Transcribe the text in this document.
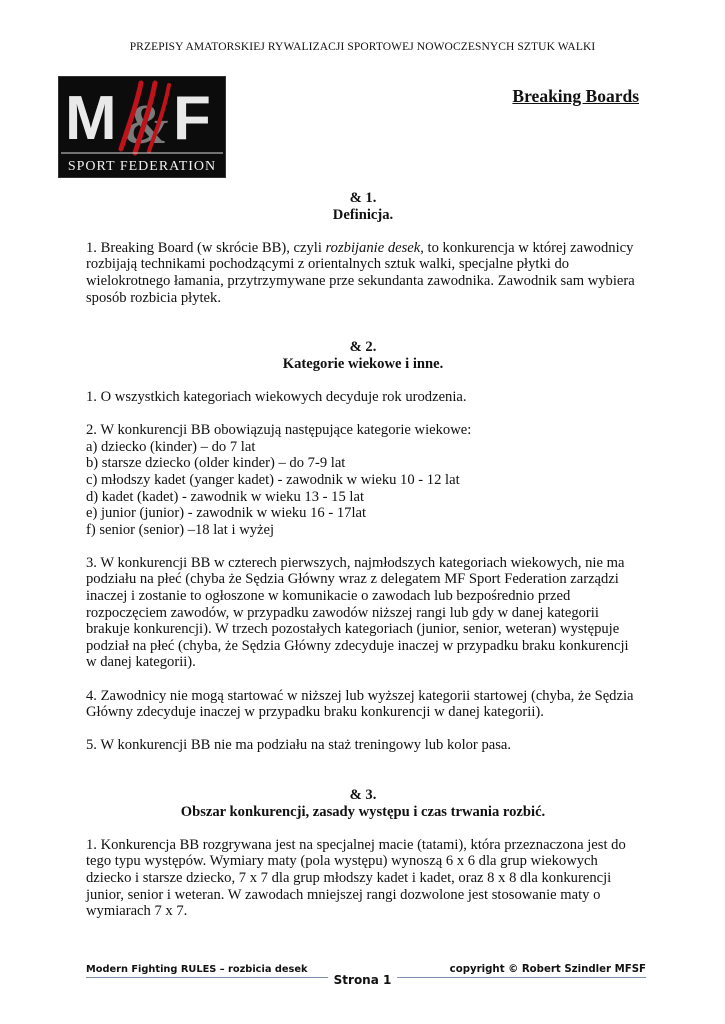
PRZEPISY AMATORSKIEJ RYWALIZACJI SPORTOWEJ NOWOCZESNYCH SZTUK WALKI
M & F
SPORT FEDERATION
Breaking Boards
& 1.
Definicja.

1. Breaking Board (w skrócie BB), czyli rozbijanie desek, to konkurencja w której zawodnicy rozbijają technikami pochodzącymi z orientalnych sztuk walki, specjalne płytki do wielokrotnego łamania, przytrzymywane prze sekundanta zawodnika. Zawodnik sam wybiera sposób rozbicia płytek.

& 2.
Kategorie wiekowe i inne.

1. O wszystkich kategoriach wiekowych decyduje rok urodzenia.

2. W konkurencji BB obowiązują następujące kategorie wiekowe:

a) dziecko (kinder) – do 7 lat
b) starsze dziecko (older kinder) – do 7-9 lat
c) młodszy kadet (yanger kadet) - zawodnik w wieku 10 - 12 lat
d) kadet (kadet) - zawodnik w wieku 13 - 15 lat
e) junior (junior) - zawodnik w wieku 16 - 17lat
f) senior (senior) –18 lat i wyżej

3. W konkurencji BB w czterech pierwszych, najmłodszych kategoriach wiekowych, nie ma podziału na płeć (chyba że Sędzia Główny wraz z delegatem MF Sport Federation zarządzi inaczej i zostanie to ogłoszone w komunikacie o zawodach lub bezpośrednio przed rozpoczęciem zawodów, w przypadku zawodów niższej rangi lub gdy w danej kategorii brakuje konkurencji). W trzech pozostałych kategoriach (junior, senior, weteran) występuje podział na płeć (chyba, że Sędzia Główny zdecyduje inaczej w przypadku braku konkurencji w danej kategorii).

4. Zawodnicy nie mogą startować w niższej lub wyższej kategorii startowej (chyba, że Sędzia Główny zdecyduje inaczej w przypadku braku konkurencji w danej kategorii).

5. W konkurencji BB nie ma podziału na staż treningowy lub kolor pasa.

& 3.
Obszar konkurencji, zasady występu i czas trwania rozbić.

1. Konkurencja BB rozgrywana jest na specjalnej macie (tatami), która przeznaczona jest do tego typu występów. Wymiary maty (pola występu) wynoszą 6 x 6 dla grup wiekowych dziecko i starsze dziecko, 7 x 7 dla grup młodszy kadet i kadet, oraz 8 x 8 dla konkurencji junior, senior i weteran. W zawodach mniejszej rangi dozwolone jest stosowanie maty o wymiarach 7 x 7.

Modern Fighting RULES – rozbicia desek	copyright © Robert Szindler MFSF
Strona 1
